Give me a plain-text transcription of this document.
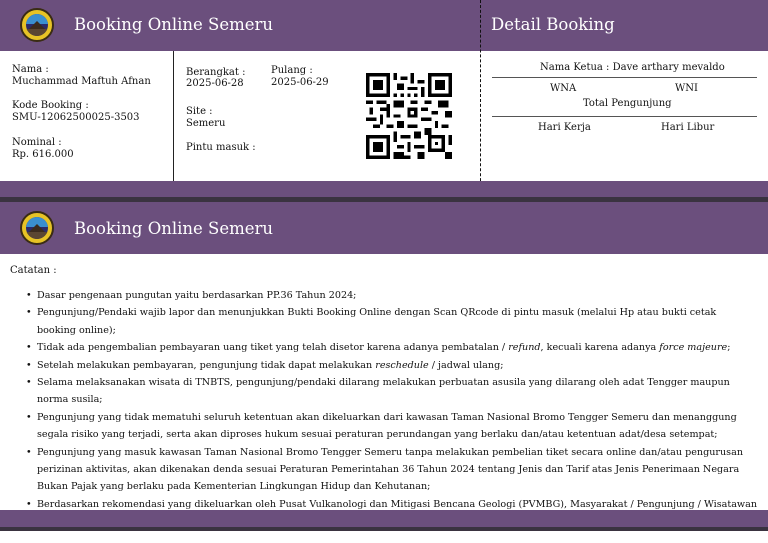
Booking Online Semeru	Detail Booking
Nama :
Muchammad Maftuh Afnan
Kode Booking :
SMU-12062500025-3503
Nominal :
Rp. 616.000
Berangkat :
2025-06-28
Pulang :
2025-06-29
Site :
Semeru
Pintu masuk :
Nama Ketua : Dave arthary mevaldo
WNA	WNI
Total Pengunjung
Hari Kerja	Hari Libur
Booking Online Semeru
Catatan :
• Dasar pengenaan pungutan yaitu berdasarkan PP.36 Tahun 2024;
• Pengunjung/Pendaki wajib lapor dan menunjukkan Bukti Booking Online dengan Scan QRcode di pintu masuk (melalui Hp atau bukti cetak booking online);
• Tidak ada pengembalian pembayaran uang tiket yang telah disetor karena adanya pembatalan / refund, kecuali karena adanya force majeure;
• Setelah melakukan pembayaran, pengunjung tidak dapat melakukan reschedule / jadwal ulang;
• Selama melaksanakan wisata di TNBTS, pengunjung/pendaki dilarang melakukan perbuatan asusila yang dilarang oleh adat Tengger maupun norma susila;
• Pengunjung yang tidak mematuhi seluruh ketentuan akan dikeluarkan dari kawasan Taman Nasional Bromo Tengger Semeru dan menanggung segala risiko yang terjadi, serta akan diproses hukum sesuai peraturan perundangan yang berlaku dan/atau ketentuan adat/desa setempat;
• Pengunjung yang masuk kawasan Taman Nasional Bromo Tengger Semeru tanpa melakukan pembelian tiket secara online dan/atau pengurusan perizinan aktivitas, akan dikenakan denda sesuai Peraturan Pemerintahan 36 Tahun 2024 tentang Jenis dan Tarif atas Jenis Penerimaan Negara Bukan Pajak yang berlaku pada Kementerian Lingkungan Hidup dan Kehutanan;
• Berdasarkan rekomendasi yang dikeluarkan oleh Pusat Vulkanologi dan Mitigasi Bencana Geologi (PVMBG), Masyarakat / Pengunjung / Wisatawan
